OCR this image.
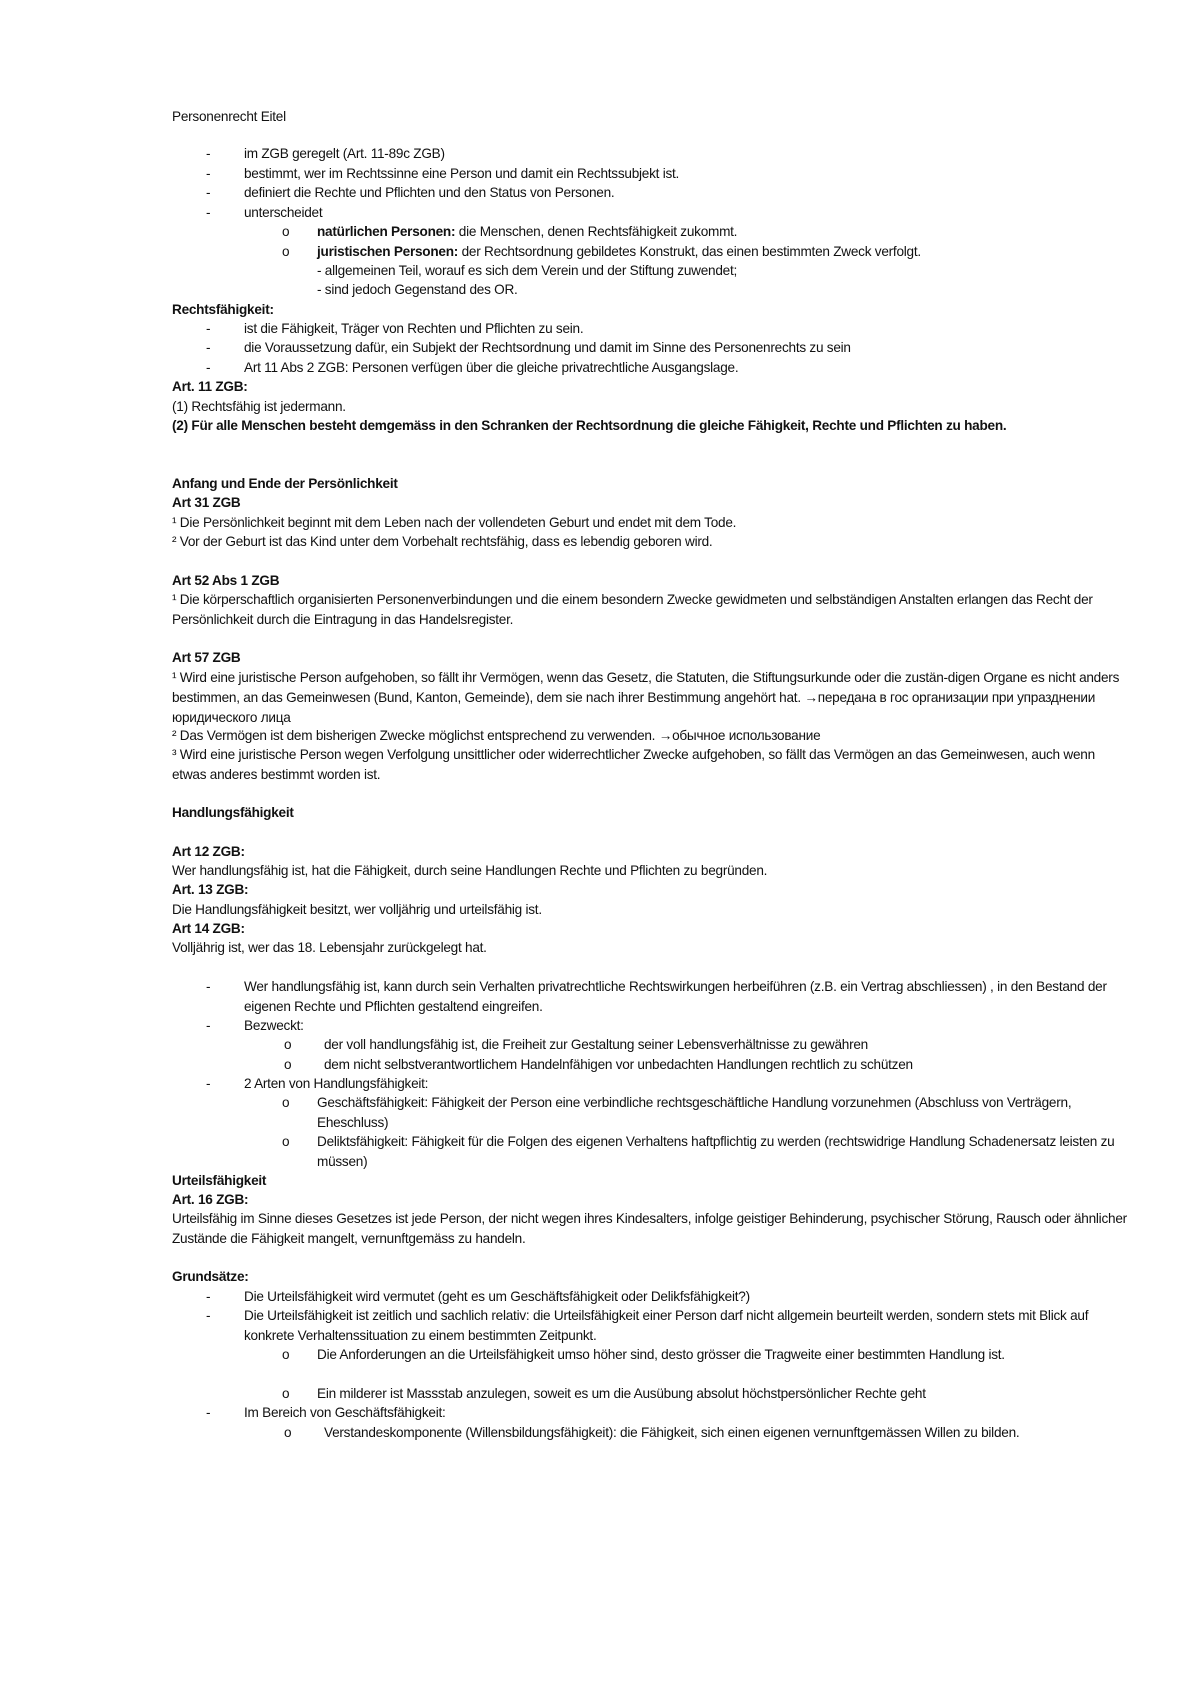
Personenrecht Eitel
- im ZGB geregelt (Art. 11-89c ZGB)
- bestimmt, wer im Rechtssinne eine Person und damit ein Rechtssubjekt ist.
- definiert die Rechte und Pflichten und den Status von Personen.
- unterscheidet
o natürlichen Personen: die Menschen, denen Rechtsfähigkeit zukommt.
o juristischen Personen: der Rechtsordnung gebildetes Konstrukt, das einen bestimmten Zweck verfolgt.
- allgemeinen Teil, worauf es sich dem Verein und der Stiftung zuwendet;
- sind jedoch Gegenstand des OR.
Rechtsfähigkeit:
- ist die Fähigkeit, Träger von Rechten und Pflichten zu sein.
- die Voraussetzung dafür, ein Subjekt der Rechtsordnung und damit im Sinne des Personenrechts zu sein
- Art 11 Abs 2 ZGB: Personen verfügen über die gleiche privatrechtliche Ausgangslage.
Art. 11 ZGB:
(1) Rechtsfähig ist jedermann.
(2) Für alle Menschen besteht demgemäss in den Schranken der Rechtsordnung die gleiche Fähigkeit, Rechte und Pflichten zu haben.
Anfang und Ende der Persönlichkeit
Art 31 ZGB
¹ Die Persönlichkeit beginnt mit dem Leben nach der vollendeten Geburt und endet mit dem Tode.
² Vor der Geburt ist das Kind unter dem Vorbehalt rechtsfähig, dass es lebendig geboren wird.
Art 52 Abs 1 ZGB
¹ Die körperschaftlich organisierten Personenverbindungen und die einem besondern Zwecke gewidmeten und selbständigen Anstalten erlangen das Recht der Persönlichkeit durch die Eintragung in das Handelsregister.
Art 57 ZGB
¹ Wird eine juristische Person aufgehoben, so fällt ihr Vermögen, wenn das Gesetz, die Statuten, die Stiftungsurkunde oder die zustän-digen Organe es nicht anders bestimmen, an das Gemeinwesen (Bund, Kanton, Gemeinde), dem sie nach ihrer Bestimmung angehört hat. →передана в гос организации при упразднении юридического лица
² Das Vermögen ist dem bisherigen Zwecke möglichst entsprechend zu verwenden. →обычное использование
³ Wird eine juristische Person wegen Verfolgung unsittlicher oder widerrechtlicher Zwecke aufgehoben, so fällt das Vermögen an das Gemeinwesen, auch wenn etwas anderes bestimmt worden ist.
Handlungsfähigkeit
Art 12 ZGB:
Wer handlungsfähig ist, hat die Fähigkeit, durch seine Handlungen Rechte und Pflichten zu begründen.
Art. 13 ZGB:
Die Handlungsfähigkeit besitzt, wer volljährig und urteilsfähig ist.
Art 14 ZGB:
Volljährig ist, wer das 18. Lebensjahr zurückgelegt hat.
- Wer handlungsfähig ist, kann durch sein Verhalten privatrechtliche Rechtswirkungen herbeiführen (z.B. ein Vertrag abschliessen) , in den Bestand der eigenen Rechte und Pflichten gestaltend eingreifen.
- Bezweckt:
o der voll handlungsfähig ist, die Freiheit zur Gestaltung seiner Lebensverhältnisse zu gewähren
o dem nicht selbstverantwortlichem Handelnfähigen vor unbedachten Handlungen rechtlich zu schützen
- 2 Arten von Handlungsfähigkeit:
o Geschäftsfähigkeit: Fähigkeit der Person eine verbindliche rechtsgeschäftliche Handlung vorzunehmen (Abschluss von Verträgern, Eheschluss)
o Deliktsfähigkeit: Fähigkeit für die Folgen des eigenen Verhaltens haftpflichtig zu werden (rechtswidrige Handlung Schadenersatz leisten zu müssen)
Urteilsfähigkeit
Art. 16 ZGB:
Urteilsfähig im Sinne dieses Gesetzes ist jede Person, der nicht wegen ihres Kindesalters, infolge geistiger Behinderung, psychischer Störung, Rausch oder ähnlicher Zustände die Fähigkeit mangelt, vernunftgemäss zu handeln.
Grundsätze:
- Die Urteilsfähigkeit wird vermutet (geht es um Geschäftsfähigkeit oder Delikfsfähigkeit?)
- Die Urteilsfähigkeit ist zeitlich und sachlich relativ: die Urteilsfähigkeit einer Person darf nicht allgemein beurteilt werden, sondern stets mit Blick auf konkrete Verhaltenssituation zu einem bestimmten Zeitpunkt.
o Die Anforderungen an die Urteilsfähigkeit umso höher sind, desto grösser die Tragweite einer bestimmten Handlung ist.
o Ein milderer ist Massstab anzulegen, soweit es um die Ausübung absolut höchstpersönlicher Rechte geht
- Im Bereich von Geschäftsfähigkeit:
o Verstandeskomponente (Willensbildungsfähigkeit): die Fähigkeit, sich einen eigenen vernunftgemässen Willen zu bilden.
